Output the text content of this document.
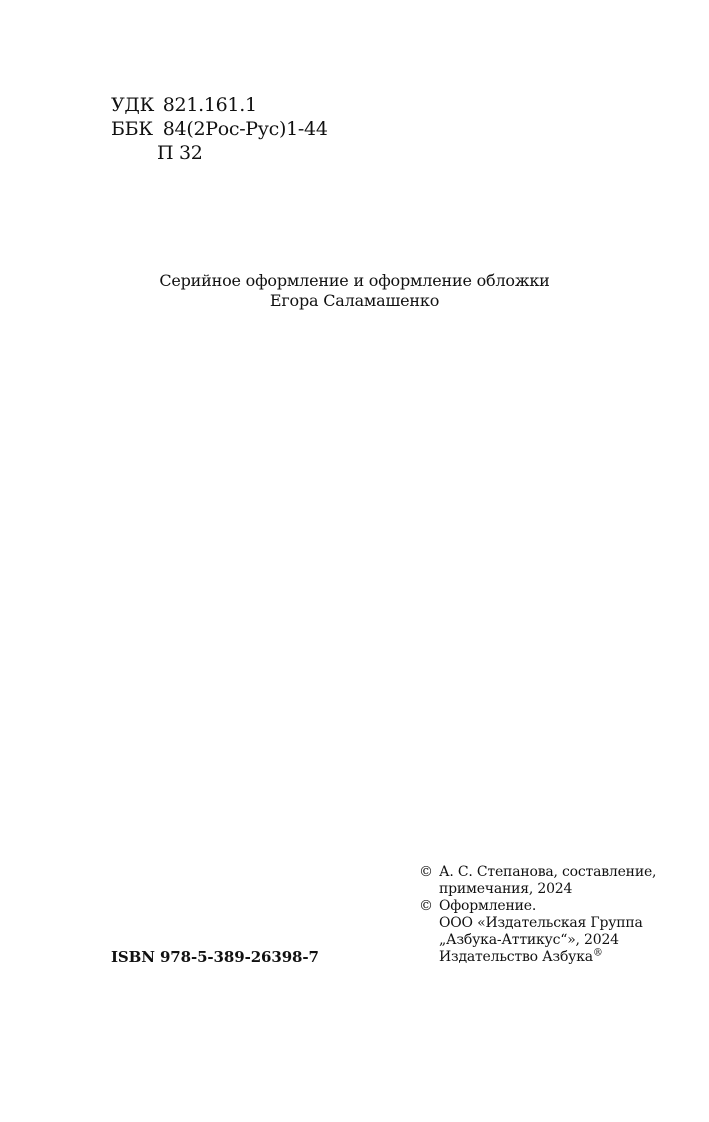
УДК 821.161.1
ББК 84(2Рос-Рус)1-44
П 32
Серийное оформление и оформление обложки
Егора Саламашенко
ISBN 978-5-389-26398-7
© А. С. Степанова, составление,
примечания, 2024
© Оформление.
ООО «Издательская Группа
„Азбука-Аттикус“», 2024
Издательство Азбука®
